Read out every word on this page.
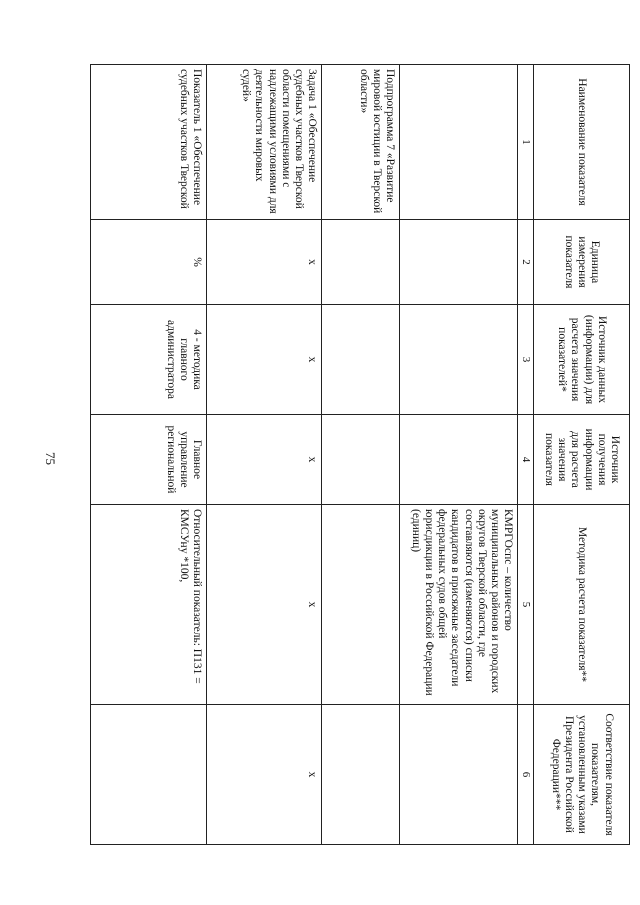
75
Наименование показателя	Единица измерения показателя	Источник данных (информации) для расчета значения показателей*	Источник получения информации для расчета значения показателя	Методика расчета показателя**	Соответствие показателя показателям, установленным указами Президента Российской Федерации***
1	2	3	4	5	6
				КМРГОспс – количество муниципальных районов и городских округов Тверской области, где составляются (изменяются) списки кандидатов в присяжные заседатели федеральных судов общей юрисдикции в Российской Федерации (единиц)	
Подпрограмма 7 «Развитие мировой юстиции в Тверской области»					
Задача 1 «Обеспечение судебных участков Тверской области помещениями с надлежащими условиями для деятельности мировых судей»	х	х	х	х	х
Показатель 1 «Обеспечение судебных участков Тверской	%	4 - методика главного администратора	Главное управление региональной	Относительный показатель: П131 = КМСУну *100,	
